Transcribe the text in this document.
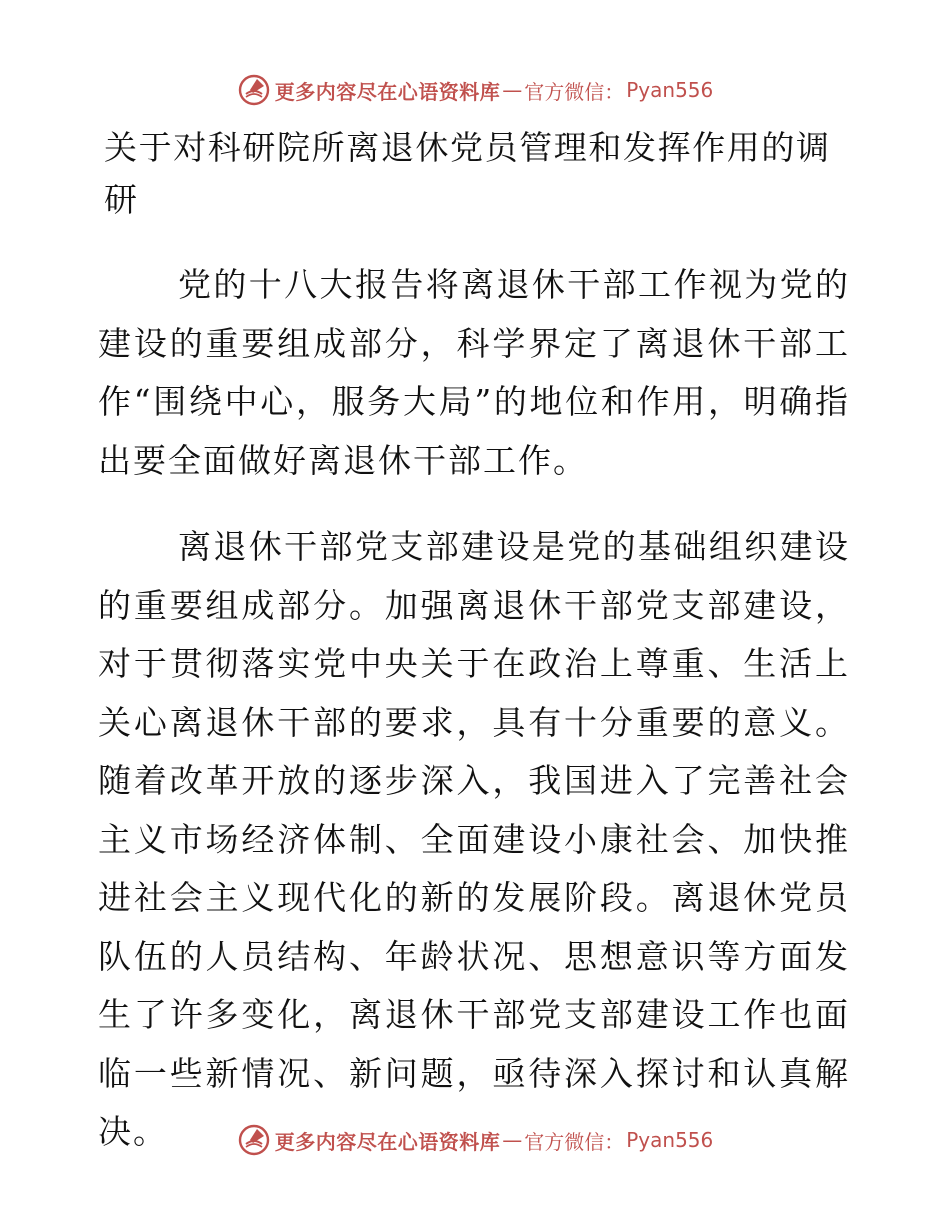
更多内容尽在心语资料库 — 官方微信： Pyan556
关于对科研院所离退休党员管理和发挥作用的调研

党的十八大报告将离退休干部工作视为党的建设的重要组成部分，科学界定了离退休干部工作“围绕中心，服务大局”的地位和作用，明确指出要全面做好离退休干部工作。

离退休干部党支部建设是党的基础组织建设的重要组成部分。加强离退休干部党支部建设，对于贯彻落实党中央关于在政治上尊重、生活上关心离退休干部的要求，具有十分重要的意义。随着改革开放的逐步深入，我国进入了完善社会主义市场经济体制、全面建设小康社会、加快推进社会主义现代化的新的发展阶段。离退休党员队伍的人员结构、年龄状况、思想意识等方面发生了许多变化，离退休干部党支部建设工作也面临一些新情况、新问题，亟待深入探讨和认真解决。	更多内容尽在心语资料库 — 官方微信： Pyan556
